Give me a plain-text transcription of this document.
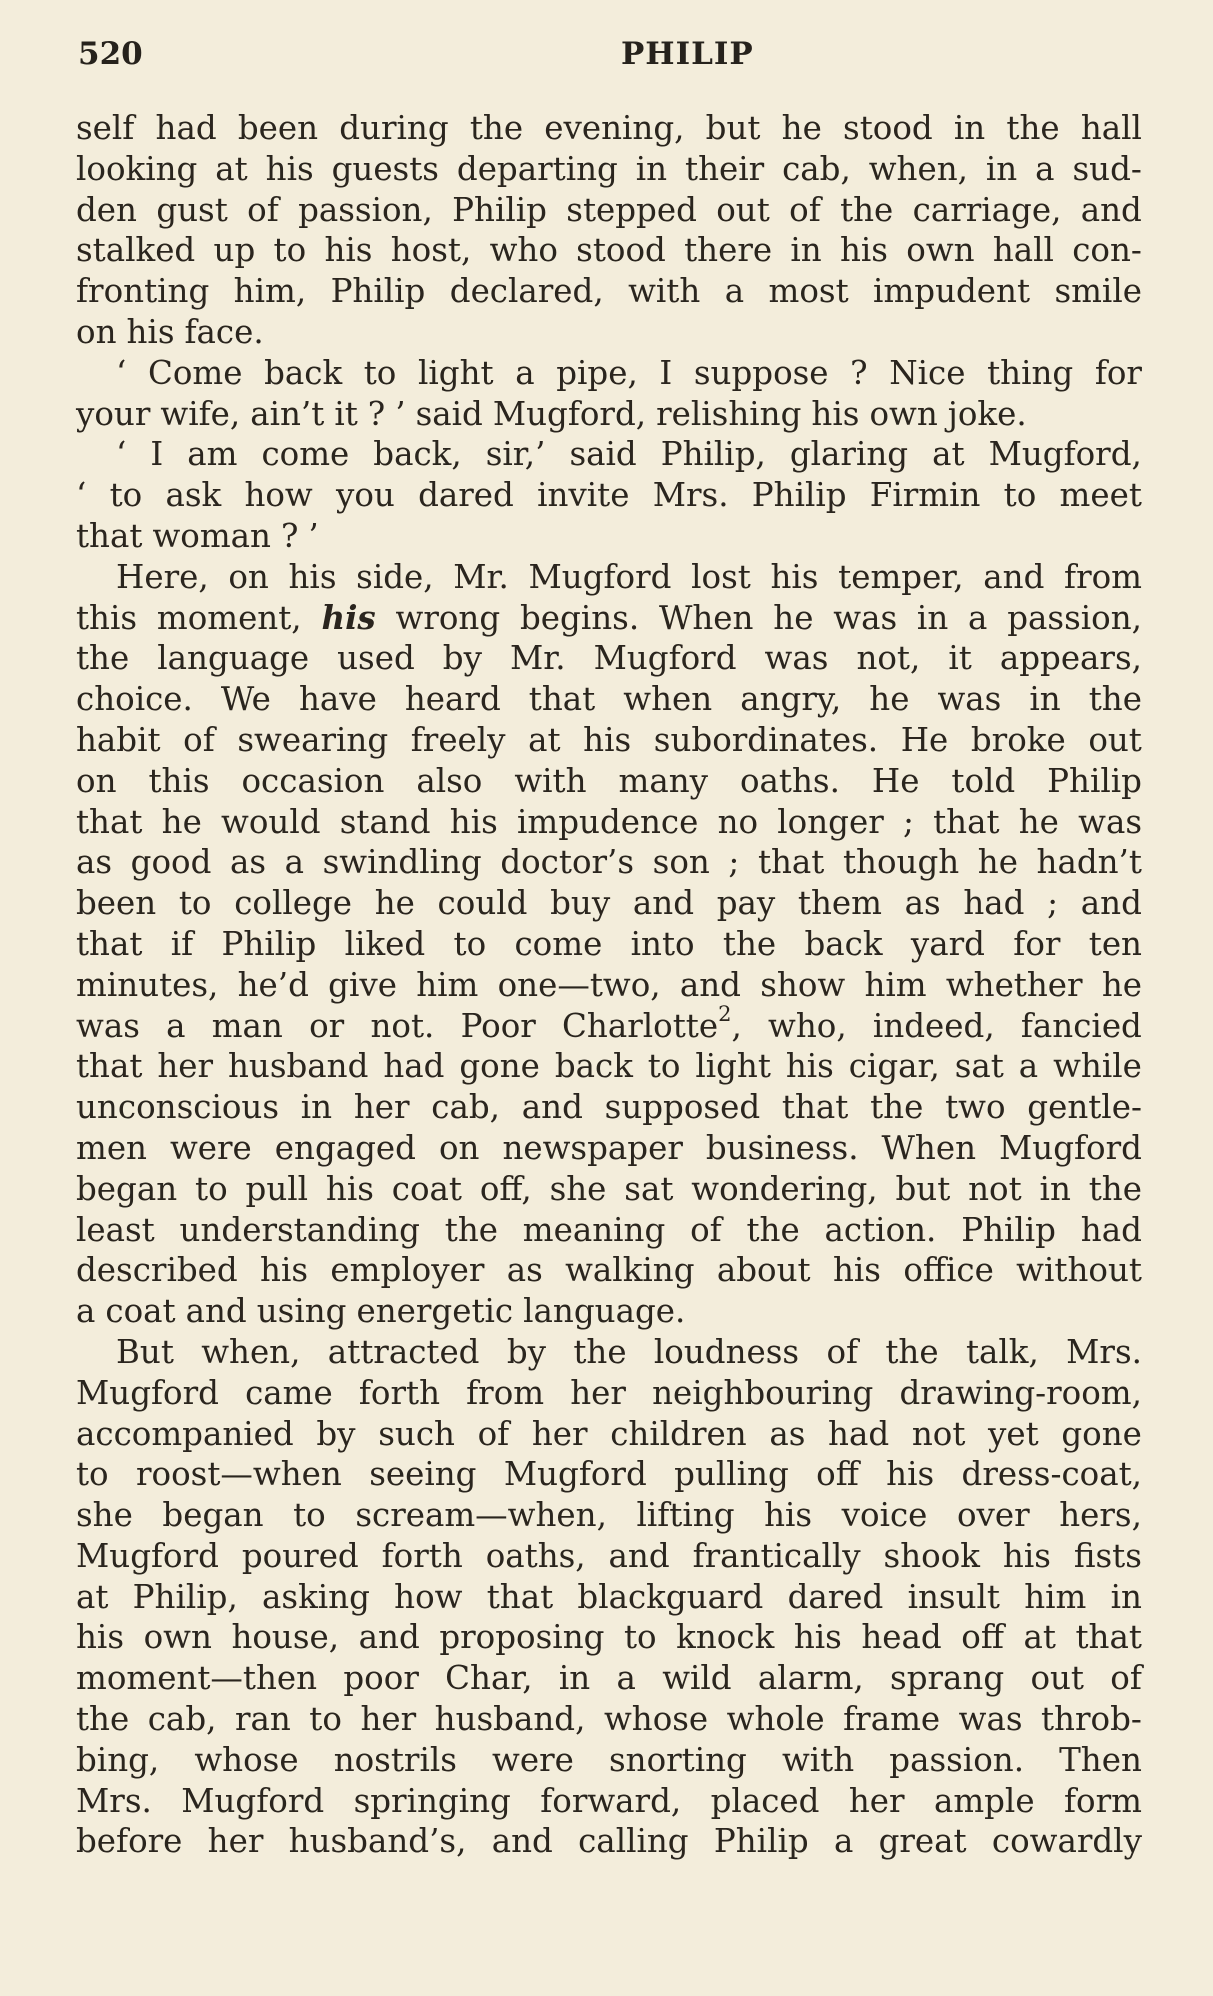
520	PHILIP
self had been during the evening, but he stood in the hall
looking at his guests departing in their cab, when, in a sud-
den gust of passion, Philip stepped out of the carriage, and
stalked up to his host, who stood there in his own hall con-
fronting him, Philip declared, with a most impudent smile
on his face.
‘ Come back to light a pipe, I suppose ? Nice thing for
your wife, ain’t it ? ’ said Mugford, relishing his own joke.
‘ I am come back, sir,’ said Philip, glaring at Mugford,
‘ to ask how you dared invite Mrs. Philip Firmin to meet
that woman ? ’
Here, on his side, Mr. Mugford lost his temper, and from
this moment, his wrong begins. When he was in a passion,
the language used by Mr. Mugford was not, it appears,
choice. We have heard that when angry, he was in the
habit of swearing freely at his subordinates. He broke out
on this occasion also with many oaths. He told Philip
that he would stand his impudence no longer ; that he was
as good as a swindling doctor’s son ; that though he hadn’t
been to college he could buy and pay them as had ; and
that if Philip liked to come into the back yard for ten
minutes, he’d give him one—two, and show him whether he
was a man or not. Poor Charlotte$^2$, who, indeed, fancied
that her husband had gone back to light his cigar, sat a while
unconscious in her cab, and supposed that the two gentle-
men were engaged on newspaper business. When Mugford
began to pull his coat off, she sat wondering, but not in the
least understanding the meaning of the action. Philip had
described his employer as walking about his office without
a coat and using energetic language.
But when, attracted by the loudness of the talk, Mrs.
Mugford came forth from her neighbouring drawing-room,
accompanied by such of her children as had not yet gone
to roost—when seeing Mugford pulling off his dress-coat,
she began to scream—when, lifting his voice over hers,
Mugford poured forth oaths, and frantically shook his fists
at Philip, asking how that blackguard dared insult him in
his own house, and proposing to knock his head off at that
moment—then poor Char, in a wild alarm, sprang out of
the cab, ran to her husband, whose whole frame was throb-
bing, whose nostrils were snorting with passion. Then
Mrs. Mugford springing forward, placed her ample form
before her husband’s, and calling Philip a great cowardly
